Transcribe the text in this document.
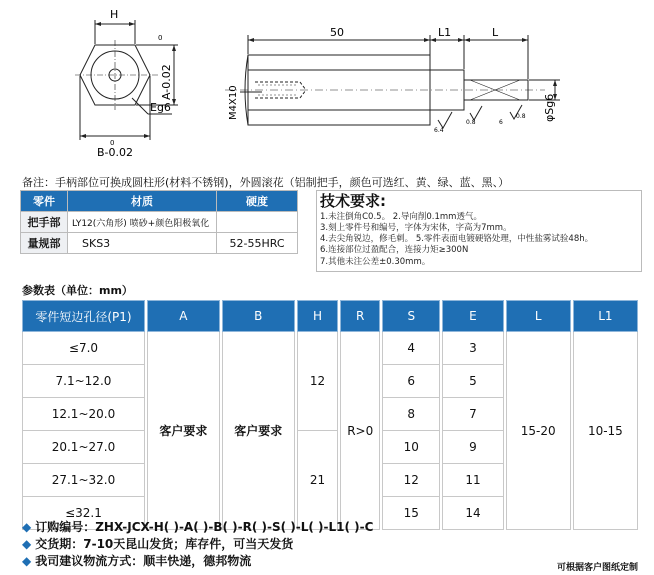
H
0
A-0.02
Eg6
0
B-0.02
50	L1	L
φSg6
M4X10
6.4
6
0.8
0.8
备注：手柄部位可换成圆柱形(材料不锈钢)，外圆滚花（铝制把手，颜色可选红、黄、绿、蓝、黑、）
零件	材质	硬度
把手部	LY12(六角形) 喷砂+颜色阳极氧化	
量规部	SKS3	52-55HRC
技术要求:
1.未注倒角C0.5。 2.导向削0.1mm透气。
3.刻上零件号和编号，字体为宋体，字高为7mm。
4.去尖角锐边，修毛刺。 5.零件表面电镀硬铬处理，中性盐雾试验48h。
6.连接部位过盈配合，连接力矩≥300N
7.其他未注公差±0.30mm。
参数表（单位：mm）
零件短边孔径(P1)	A	B	H	R	S	E	L	L1
≤7.0	客户要求	客户要求	12	R>0	4	3	15-20	10-15
7.1~12.0					6	5		
12.1~20.0					8	7		
20.1~27.0			21		10	9		
27.1~32.0					12	11		
≤32.1					15	14		
◆ 订购编号：ZHX-JCX-H( )-A( )-B( )-R( )-S( )-L( )-L1( )-C
◆ 交货期：7-10天昆山发货；库存件，可当天发货
◆ 我司建议物流方式：顺丰快递，德邦物流	可根据客户图纸定制
